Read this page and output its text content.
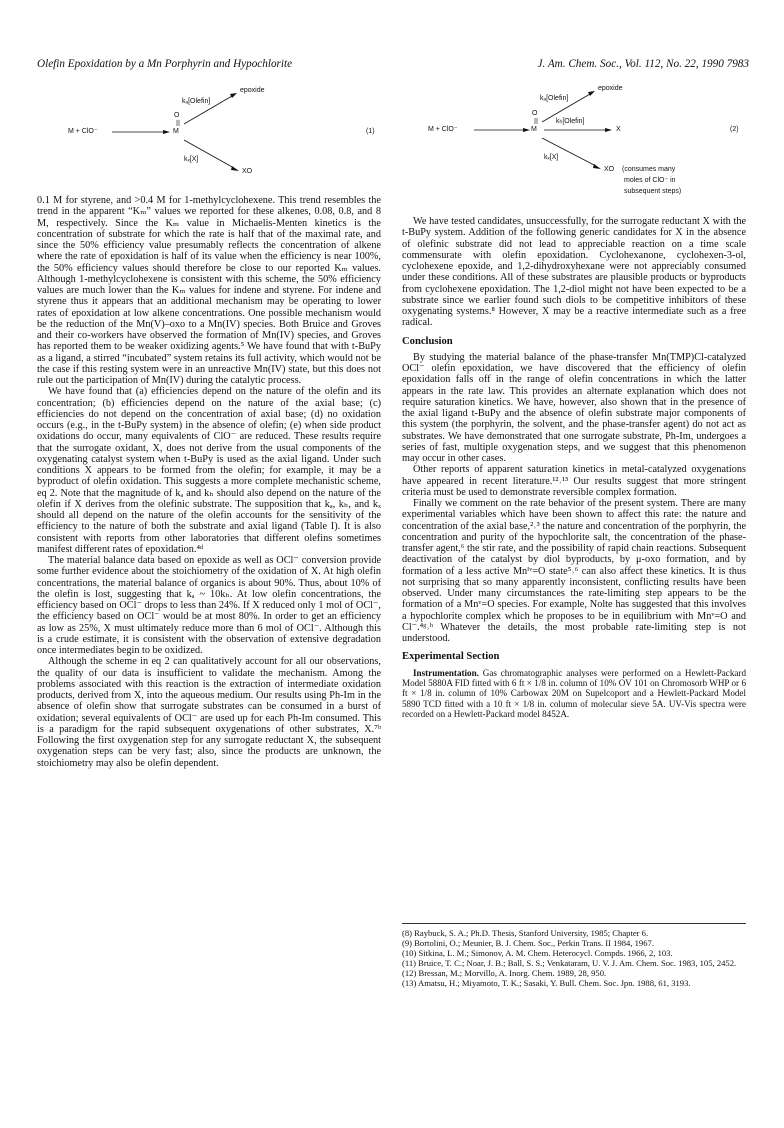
Olefin Epoxidation by a Mn Porphyrin and Hypochlorite	J. Am. Chem. Soc., Vol. 112, No. 22, 1990 7983
M + ClO⁻
O
M
kₐ[Olefin]
kₓ[X]
epoxide
XO
(1)	M + ClO⁻
O
M
kₐ[Olefin]
kₕ[Olefin]
kₓ[X]
epoxide
X
XO (consumes many
moles of ClO⁻ in
subsequent steps)
(2)

0.1 M for styrene, and >0.4 M for 1-methylcyclohexene. This trend resembles the trend in the apparent “Kₘ” values we reported for these alkenes, 0.08, 0.8, and 8 M, respectively. Since the Kₘ value in Michaelis-Menten kinetics is the concentration of substrate for which the rate is half that of the maximal rate, and since the 50% efficiency value presumably reflects the concentration of alkene where the rate of epoxidation is half of its value when the efficiency is near 100%, the 50% efficiency values should therefore be close to our reported Kₘ values. Although 1-methylcyclohexene is consistent with this scheme, the 50% efficiency values are much lower than the Kₘ values for indene and styrene. For indene and styrene thus it appears that an additional mechanism may be operating to lower rates of epoxidation at low alkene concentrations. One possible mechanism would be the reduction of the Mn(V)–oxo to a Mn(IV) species. Both Bruice and Groves and their co-workers have observed the formation of Mn(IV) species, and Groves has reported them to be weaker oxidizing agents.⁵ We have found that with t-BuPy as a ligand, a stirred “incubated” system retains its full activity, which would not be the case if this resting system were in an unreactive Mn(IV) state, but this does not rule out the participation of Mn(IV) during the catalytic process.

We have found that (a) efficiencies depend on the nature of the olefin and its concentration; (b) efficiencies depend on the nature of the axial base; (c) efficiencies do not depend on the concentration of axial base; (d) no oxidation occurs (e.g., in the t-BuPy system) in the absence of olefin; (e) when side product oxidations do occur, many equivalents of ClO⁻ are reduced. These results require that the surrogate oxidant, X, does not derive from the usual components of the oxygenating catalyst system when t-BuPy is used as the axial ligand. Under such conditions X appears to be formed from the olefin; for example, it may be a byproduct of olefin oxidation. This suggests a more complete mechanistic scheme, eq 2. Note that the magnitude of kₐ and kₕ should also depend on the nature of the olefin if X derives from the olefinic substrate. The supposition that kₐ, kₕ, and kₓ should all depend on the nature of the olefin accounts for the sensitivity of the efficiency to the nature of both the substrate and axial ligand (Table I). It is also consistent with reports from other laboratories that different olefins sometimes manifest different rates of epoxidation.⁴ᵈ

The material balance data based on epoxide as well as OCl⁻ conversion provide some further evidence about the stoichiometry of the oxidation of X. At high olefin concentrations, the material balance of organics is about 90%. Thus, about 10% of the olefin is lost, suggesting that kₐ ~ 10kₕ. At low olefin concentrations, the efficiency based on OCl⁻ drops to less than 24%. If X reduced only 1 mol of OCl⁻, the efficiency based on OCl⁻ would be at most 80%. In order to get an efficiency as low as 25%, X must ultimately reduce more than 6 mol of OCl⁻. Although this is a crude estimate, it is consistent with the observation of extensive degradation once intermediates begin to be oxidized.

Although the scheme in eq 2 can qualitatively account for all our observations, the quality of our data is insufficient to validate the mechanism. Among the problems associated with this reaction is the extraction of intermediate oxidation products, derived from X, into the aqueous medium. Our results using Ph-Im in the absence of olefin show that surrogate substrates can be consumed in a burst of oxidation; several equivalents of OCl⁻ are used up for each Ph-Im consumed. This is a paradigm for the rapid subsequent oxygenations of other substrates, X.⁷ᵇ Following the first oxygenation step for any surrogate reductant X, the subsequent oxygenation steps can be very fast; also, since the products are unknown, the stoichiometry may also be olefin dependent.

We have tested candidates, unsuccessfully, for the surrogate reductant X with the t-BuPy system. Addition of the following generic candidates for X in the absence of olefinic substrate did not lead to appreciable reaction on a time scale commensurate with olefin epoxidation. Cyclohexanone, cyclohexen-3-ol, cyclohexene epoxide, and 1,2-dihydroxyhexane were not appreciably consumed under these conditions. All of these substrates are plausible products or byproducts from cyclohexene epoxidation. The 1,2-diol might not have been expected to be a substrate since we earlier found such diols to be competitive inhibitors of these oxygenating systems.⁸ However, X may be a reactive intermediate such as a free radical.

Conclusion

By studying the material balance of the phase-transfer Mn(TMP)Cl-catalyzed OCl⁻ olefin epoxidation, we have discovered that the efficiency of olefin epoxidation falls off in the range of olefin concentrations in which the latter appears in the rate law. This provides an alternate explanation which does not require saturation kinetics. We have, however, also shown that in the presence of the axial ligand t-BuPy and the absence of olefin substrate major components of this system (the porphyrin, the solvent, and the phase-transfer agent) do not act as substrates. We have demonstrated that one surrogate substrate, Ph-Im, undergoes a series of fast, multiple oxygenation steps, and we suggest that this phenomenon may occur in other cases.

Other reports of apparent saturation kinetics in metal-catalyzed oxygenations have appeared in recent literature.¹²˒¹³ Our results suggest that more stringent criteria must be used to demonstrate reversible complex formation.

Finally we comment on the rate behavior of the present system. There are many experimental variables which have been shown to affect this rate: the nature and concentration of the axial base,²˒³ the nature and concentration of the porphyrin, the concentration and purity of the hypochlorite salt, the concentration of the phase-transfer agent,⁶ the stir rate, and the possibility of rapid chain reactions. Subsequent deactivation of the catalyst by diol byproducts, by μ-oxo formation, and by formation of a less active Mnᴵᵛ=O state⁵˒⁶ can also affect these kinetics. It is thus not surprising that so many apparently inconsistent, conflicting results have been observed. Under many circumstances the rate-limiting step appears to be the formation of a Mnᵛ=O species. For example, Nolte has suggested that this involves a hypochlorite complex which he proposes to be in equilibrium with Mnᵛ=O and Cl⁻.⁴ᵍ˒ʰ Whatever the details, the most probable rate-limiting step is not understood.

Experimental Section

Instrumentation. Gas chromatographic analyses were performed on a Hewlett-Packard Model 5880A FID fitted with 6 ft × 1/8 in. column of 10% OV 101 on Chromosorb WHP or 6 ft × 1/8 in. column of 10% Carbowax 20M on Supelcoport and a Hewlett-Packard Model 5890 TCD fitted with a 10 ft × 1/8 in. column of molecular sieve 5A. UV-Vis spectra were recorded on a Hewlett-Packard model 8452A.

(8) Raybuck, S. A.; Ph.D. Thesis, Stanford University, 1985; Chapter 6.

(9) Bortolini, O.; Meunier, B. J. Chem. Soc., Perkin Trans. II 1984, 1967.

(10) Sitkina, L. M.; Simonov, A. M. Chem. Heterocycl. Compds. 1966, 2, 103.

(11) Bruice, T. C.; Noar, J. B.; Ball, S. S.; Venkataram, U. V. J. Am. Chem. Soc. 1983, 105, 2452.

(12) Bressan, M.; Morvillo, A. Inorg. Chem. 1989, 28, 950.

(13) Amatsu, H.; Miyamoto, T. K.; Sasaki, Y. Bull. Chem. Soc. Jpn. 1988, 61, 3193.
